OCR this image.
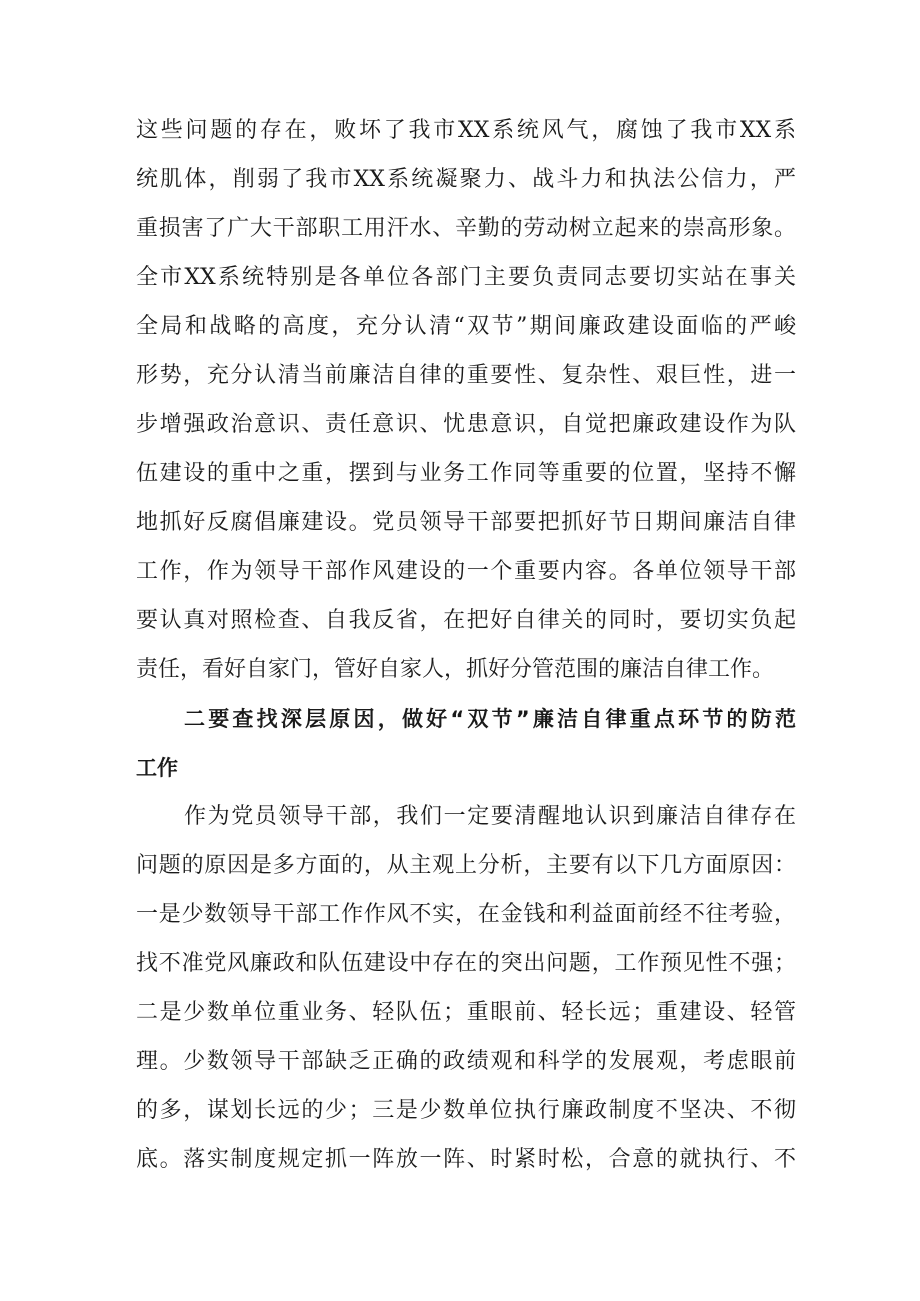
这些问题的存在，败坏了我市XX系统风气，腐蚀了我市XX系
统肌体，削弱了我市XX系统凝聚力、战斗力和执法公信力，严
重损害了广大干部职工用汗水、辛勤的劳动树立起来的崇高形象。
全市XX系统特别是各单位各部门主要负责同志要切实站在事关
全局和战略的高度，充分认清“双节”期间廉政建设面临的严峻
形势，充分认清当前廉洁自律的重要性、复杂性、艰巨性，进一
步增强政治意识、责任意识、忧患意识，自觉把廉政建设作为队
伍建设的重中之重，摆到与业务工作同等重要的位置，坚持不懈
地抓好反腐倡廉建设。党员领导干部要把抓好节日期间廉洁自律
工作，作为领导干部作风建设的一个重要内容。各单位领导干部
要认真对照检查、自我反省，在把好自律关的同时，要切实负起
责任，看好自家门，管好自家人，抓好分管范围的廉洁自律工作。
二要查找深层原因，做好“双节”廉洁自律重点环节的防范
工作
作为党员领导干部，我们一定要清醒地认识到廉洁自律存在
问题的原因是多方面的，从主观上分析，主要有以下几方面原因：
一是少数领导干部工作作风不实，在金钱和利益面前经不往考验，
找不准党风廉政和队伍建设中存在的突出问题，工作预见性不强；
二是少数单位重业务、轻队伍；重眼前、轻长远；重建设、轻管
理。少数领导干部缺乏正确的政绩观和科学的发展观，考虑眼前
的多，谋划长远的少；三是少数单位执行廉政制度不坚决、不彻
底。落实制度规定抓一阵放一阵、时紧时松，合意的就执行、不
